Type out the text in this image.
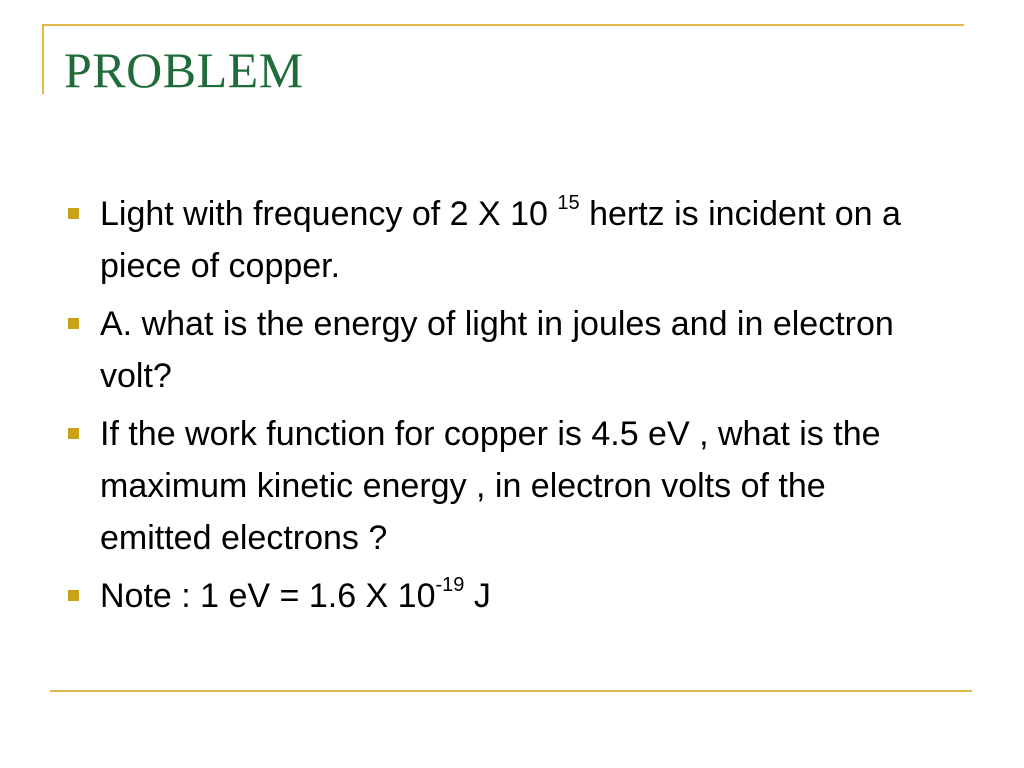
PROBLEM
Light with frequency of 2 X 10 $^{15}$ hertz is incident on a piece of copper.
A. what is the energy of light in joules and in electron volt?
If the work function for copper is 4.5 eV , what is the maximum kinetic energy , in electron volts of the emitted electrons ?
Note : 1 eV = 1.6 X $10^{-19}$ J
